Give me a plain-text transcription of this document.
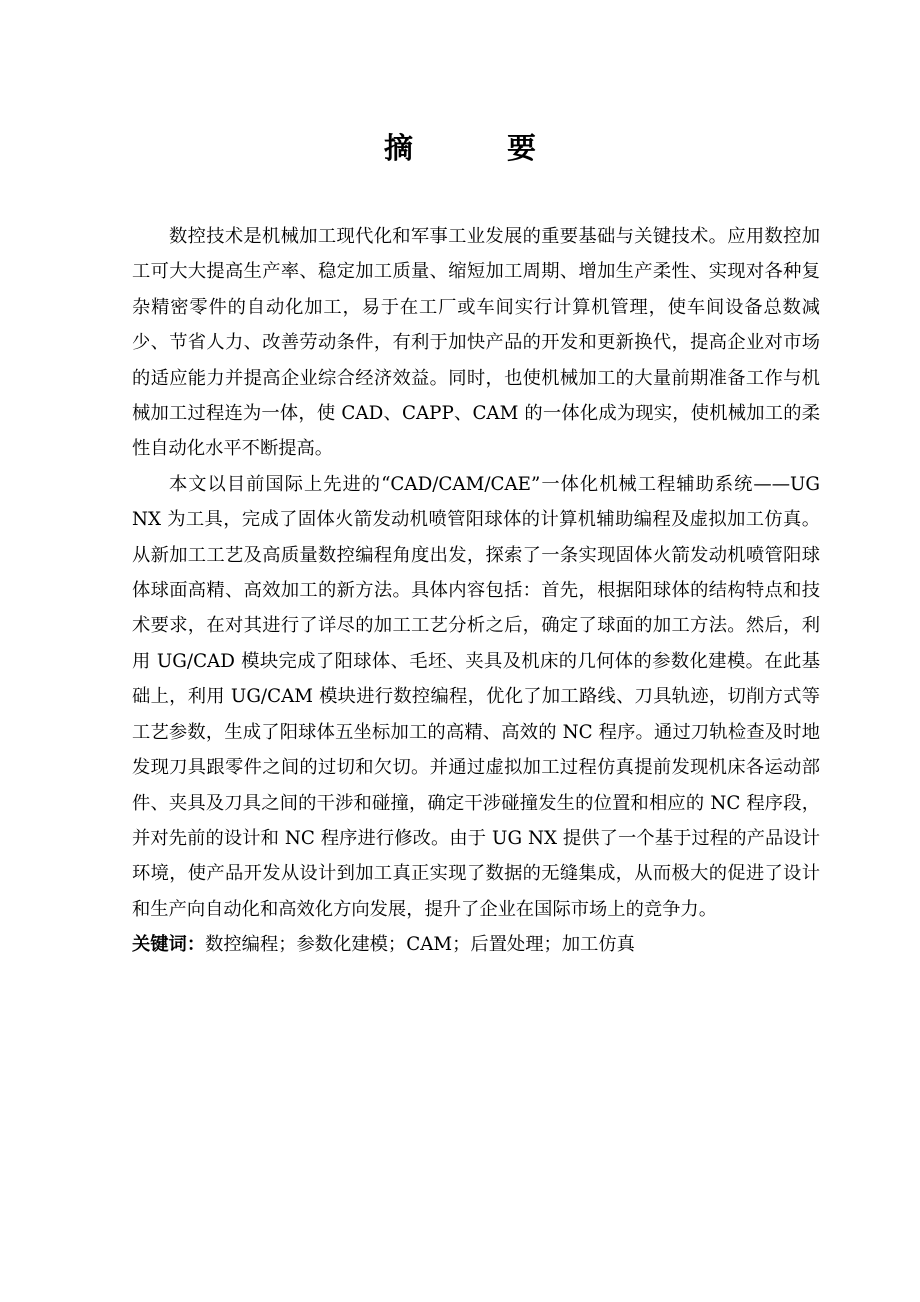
摘 要

数控技术是机械加工现代化和军事工业发展的重要基础与关键技术。应用数控加工可大大提高生产率、稳定加工质量、缩短加工周期、增加生产柔性、实现对各种复杂精密零件的自动化加工，易于在工厂或车间实行计算机管理，使车间设备总数减少、节省人力、改善劳动条件，有利于加快产品的开发和更新换代，提高企业对市场的适应能力并提高企业综合经济效益。同时，也使机械加工的大量前期准备工作与机械加工过程连为一体，使 CAD、CAPP、CAM 的一体化成为现实，使机械加工的柔性自动化水平不断提高。

本文以目前国际上先进的“CAD/CAM/CAE”一体化机械工程辅助系统——UG NX 为工具，完成了固体火箭发动机喷管阳球体的计算机辅助编程及虚拟加工仿真。从新加工工艺及高质量数控编程角度出发，探索了一条实现固体火箭发动机喷管阳球体球面高精、高效加工的新方法。具体内容包括：首先，根据阳球体的结构特点和技术要求，在对其进行了详尽的加工工艺分析之后，确定了球面的加工方法。然后，利用 UG/CAD 模块完成了阳球体、毛坯、夹具及机床的几何体的参数化建模。在此基础上，利用 UG/CAM 模块进行数控编程，优化了加工路线、刀具轨迹，切削方式等工艺参数，生成了阳球体五坐标加工的高精、高效的 NC 程序。通过刀轨检查及时地发现刀具跟零件之间的过切和欠切。并通过虚拟加工过程仿真提前发现机床各运动部件、夹具及刀具之间的干涉和碰撞，确定干涉碰撞发生的位置和相应的 NC 程序段， 并对先前的设计和 NC 程序进行修改。由于 UG NX 提供了一个基于过程的产品设计环境，使产品开发从设计到加工真正实现了数据的无缝集成，从而极大的促进了设计和生产向自动化和高效化方向发展，提升了企业在国际市场上的竞争力。

关键词：数控编程；参数化建模；CAM；后置处理；加工仿真
